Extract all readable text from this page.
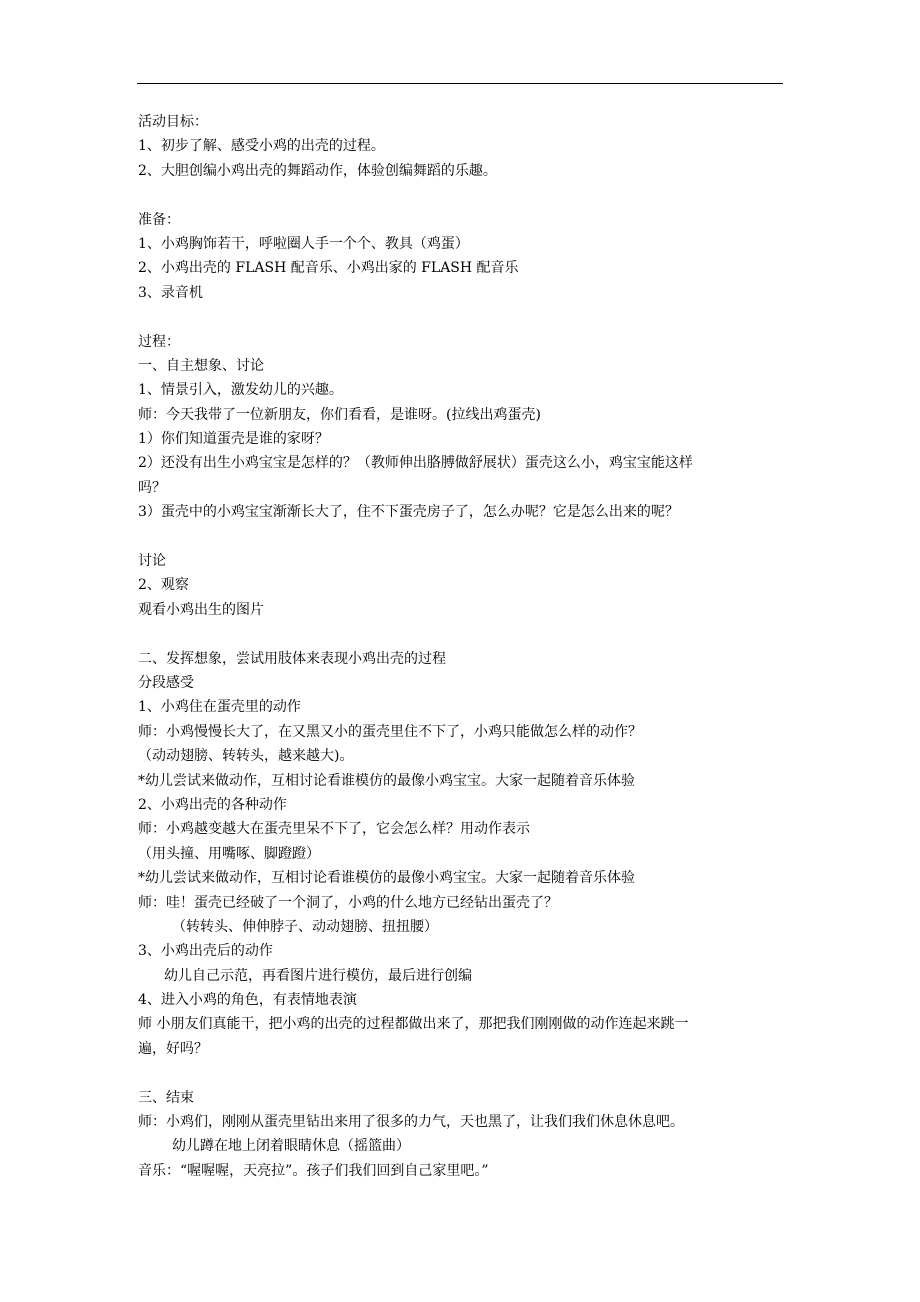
活动目标：
1、初步了解、感受小鸡的出壳的过程。
2、大胆创编小鸡出壳的舞蹈动作，体验创编舞蹈的乐趣。
准备：
1、小鸡胸饰若干，呼啦圈人手一个个、教具（鸡蛋）
2、小鸡出壳的 FLASH 配音乐、小鸡出家的 FLASH 配音乐
3、录音机
过程：
一、自主想象、讨论
1、情景引入，激发幼儿的兴趣。
师：今天我带了一位新朋友，你们看看，是谁呀。(拉线出鸡蛋壳)
1）你们知道蛋壳是谁的家呀？
2）还没有出生小鸡宝宝是怎样的？（教师伸出胳膊做舒展状）蛋壳这么小，鸡宝宝能这样
吗？
3）蛋壳中的小鸡宝宝渐渐长大了，住不下蛋壳房子了，怎么办呢？它是怎么出来的呢？
讨论
2、观察
观看小鸡出生的图片
二、发挥想象，尝试用肢体来表现小鸡出壳的过程
分段感受
1、小鸡住在蛋壳里的动作
师：小鸡慢慢长大了，在又黑又小的蛋壳里住不下了，小鸡只能做怎么样的动作？
（动动翅膀、转转头，越来越大)。
*幼儿尝试来做动作，互相讨论看谁模仿的最像小鸡宝宝。大家一起随着音乐体验
2、小鸡出壳的各种动作
师：小鸡越变越大在蛋壳里呆不下了，它会怎么样？用动作表示
（用头撞、用嘴啄、脚蹬蹬）
*幼儿尝试来做动作，互相讨论看谁模仿的最像小鸡宝宝。大家一起随着音乐体验
师：哇！蛋壳已经破了一个洞了，小鸡的什么地方已经钻出蛋壳了？
（转转头、伸伸脖子、动动翅膀、扭扭腰）
3、小鸡出壳后的动作
幼儿自己示范，再看图片进行模仿，最后进行创编
4、进入小鸡的角色，有表情地表演
师 小朋友们真能干，把小鸡的出壳的过程都做出来了，那把我们刚刚做的动作连起来跳一
遍，好吗？
三、结束
师：小鸡们，刚刚从蛋壳里钻出来用了很多的力气，天也黑了，让我们我们休息休息吧。
幼儿蹲在地上闭着眼睛休息（摇篮曲）
音乐：“喔喔喔，天亮拉”。孩子们我们回到自己家里吧。”
